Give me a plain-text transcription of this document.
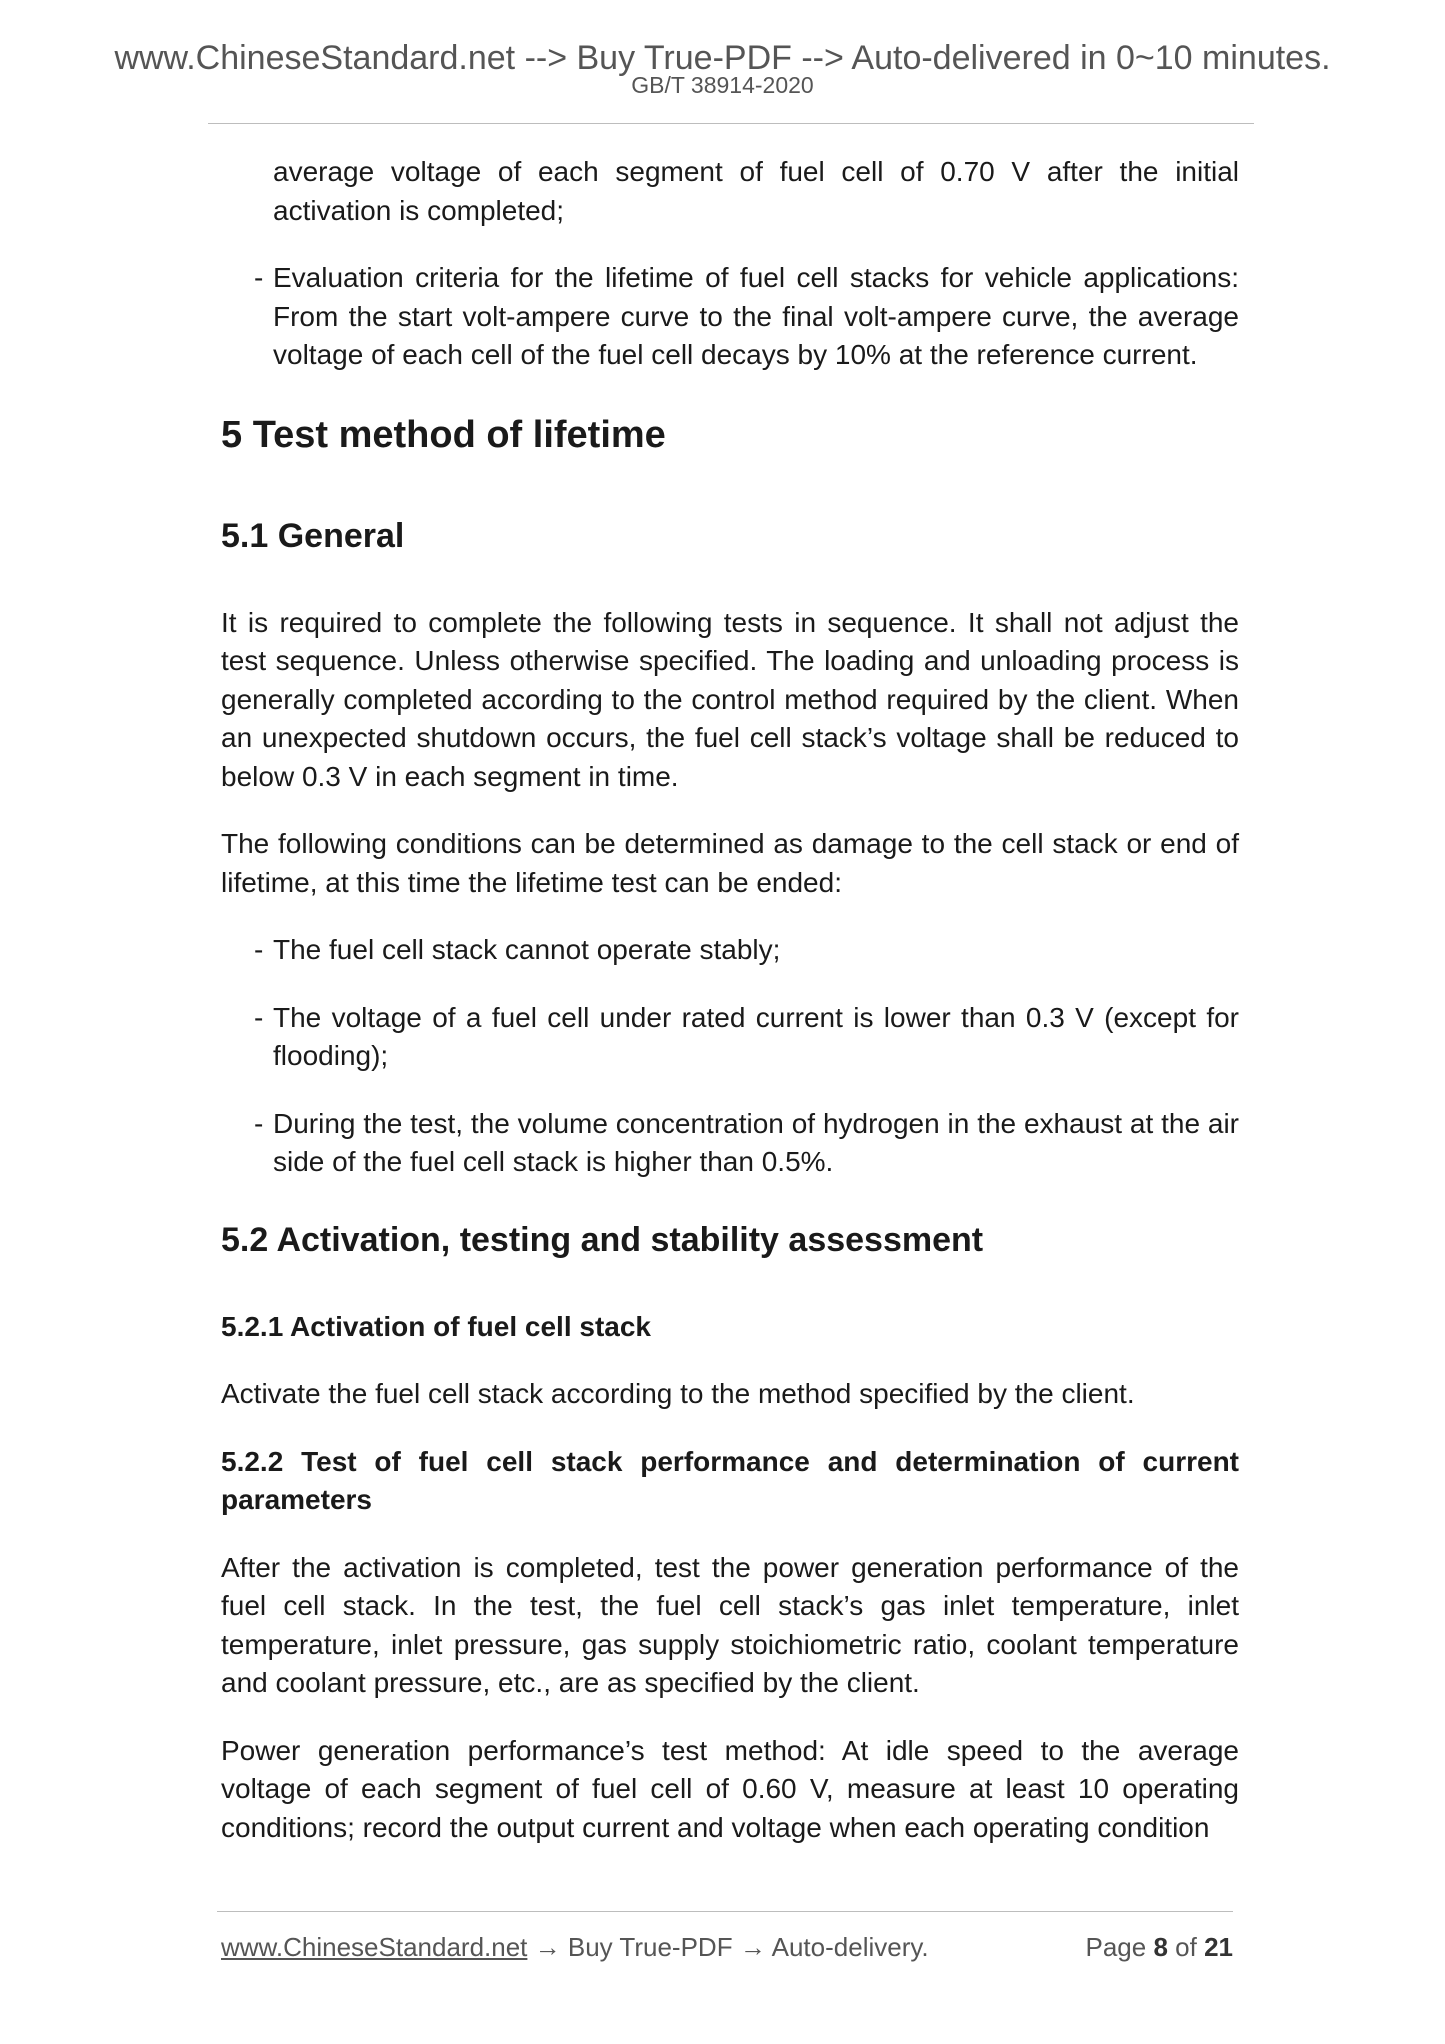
www.ChineseStandard.net --> Buy True-PDF --> Auto-delivered in 0~10 minutes.
GB/T 38914-2020
average voltage of each segment of fuel cell of 0.70 V after the initial activation is completed;
- Evaluation criteria for the lifetime of fuel cell stacks for vehicle applications: From the start volt-ampere curve to the final volt-ampere curve, the average voltage of each cell of the fuel cell decays by 10% at the reference current.
5 Test method of lifetime
5.1 General
It is required to complete the following tests in sequence. It shall not adjust the test sequence. Unless otherwise specified. The loading and unloading process is generally completed according to the control method required by the client. When an unexpected shutdown occurs, the fuel cell stack’s voltage shall be reduced to below 0.3 V in each segment in time.
The following conditions can be determined as damage to the cell stack or end of lifetime, at this time the lifetime test can be ended:
- The fuel cell stack cannot operate stably;
- The voltage of a fuel cell under rated current is lower than 0.3 V (except for flooding);
- During the test, the volume concentration of hydrogen in the exhaust at the air side of the fuel cell stack is higher than 0.5%.
5.2 Activation, testing and stability assessment
5.2.1 Activation of fuel cell stack
Activate the fuel cell stack according to the method specified by the client.
5.2.2 Test of fuel cell stack performance and determination of current parameters
After the activation is completed, test the power generation performance of the fuel cell stack. In the test, the fuel cell stack’s gas inlet temperature, inlet temperature, inlet pressure, gas supply stoichiometric ratio, coolant temperature and coolant pressure, etc., are as specified by the client.
Power generation performance’s test method: At idle speed to the average voltage of each segment of fuel cell of 0.60 V, measure at least 10 operating conditions; record the output current and voltage when each operating condition
www.ChineseStandard.net → Buy True-PDF → Auto-delivery.	Page 8 of 21
